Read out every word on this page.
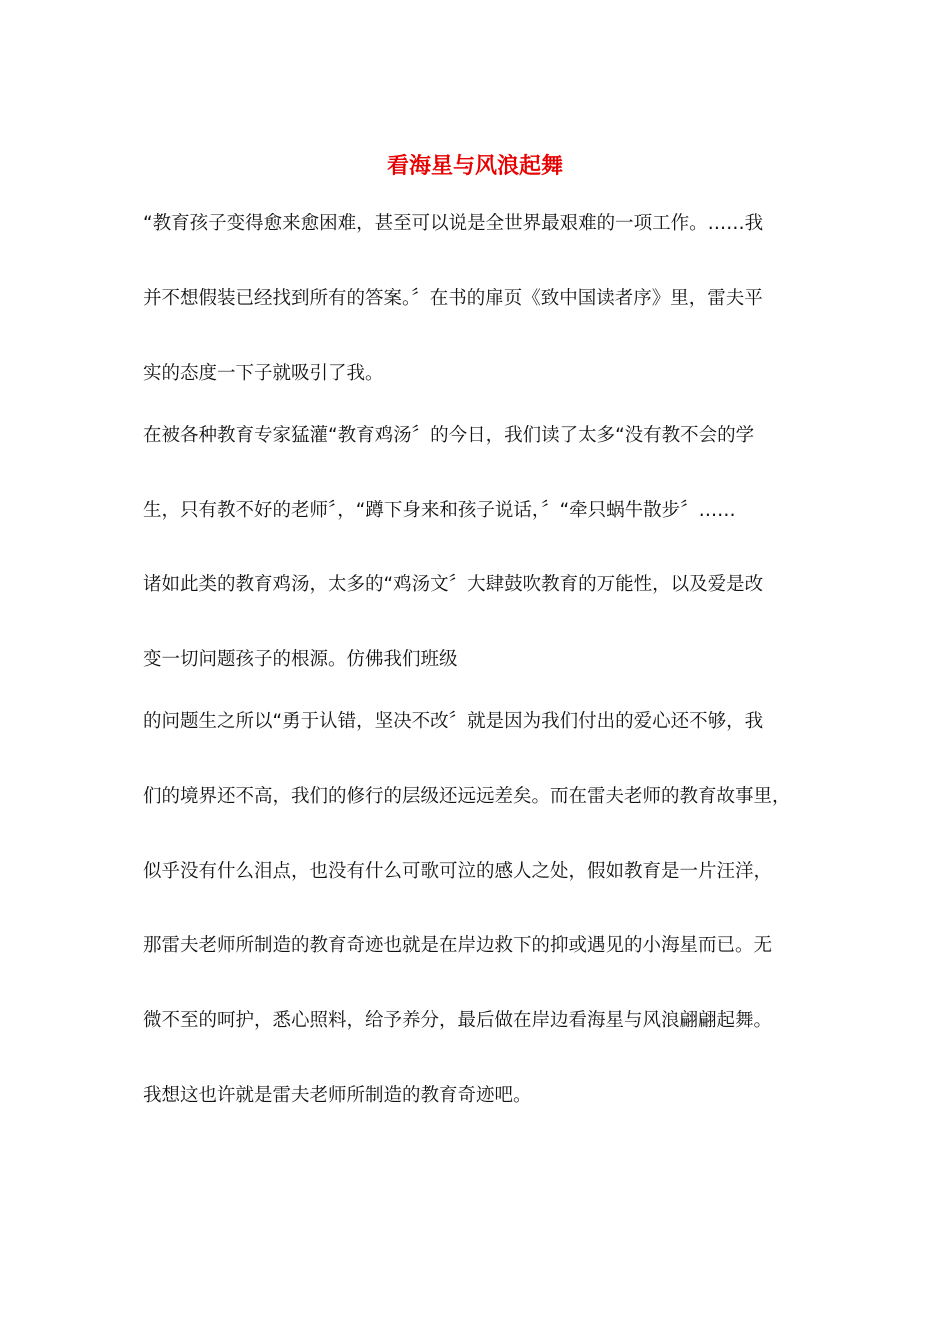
看海星与风浪起舞
“教育孩子变得愈来愈困难，甚至可以说是全世界最艰难的一项工作。……我
并不想假装已经找到所有的答案。〞在书的扉页《致中国读者序》里，雷夫平
实的态度一下子就吸引了我。
在被各种教育专家猛灌“教育鸡汤〞的今日，我们读了太多“没有教不会的学
生，只有教不好的老师〞，“蹲下身来和孩子说话，〞“牵只蜗牛散步〞……
诸如此类的教育鸡汤，太多的“鸡汤文〞大肆鼓吹教育的万能性，以及爱是改
变一切问题孩子的根源。仿佛我们班级
的问题生之所以“勇于认错，坚决不改〞就是因为我们付出的爱心还不够，我
们的境界还不高，我们的修行的层级还远远差矣。而在雷夫老师的教育故事里，
似乎没有什么泪点，也没有什么可歌可泣的感人之处，假如教育是一片汪洋，
那雷夫老师所制造的教育奇迹也就是在岸边救下的抑或遇见的小海星而已。无
微不至的呵护，悉心照料，给予养分，最后做在岸边看海星与风浪翩翩起舞。
我想这也许就是雷夫老师所制造的教育奇迹吧。
